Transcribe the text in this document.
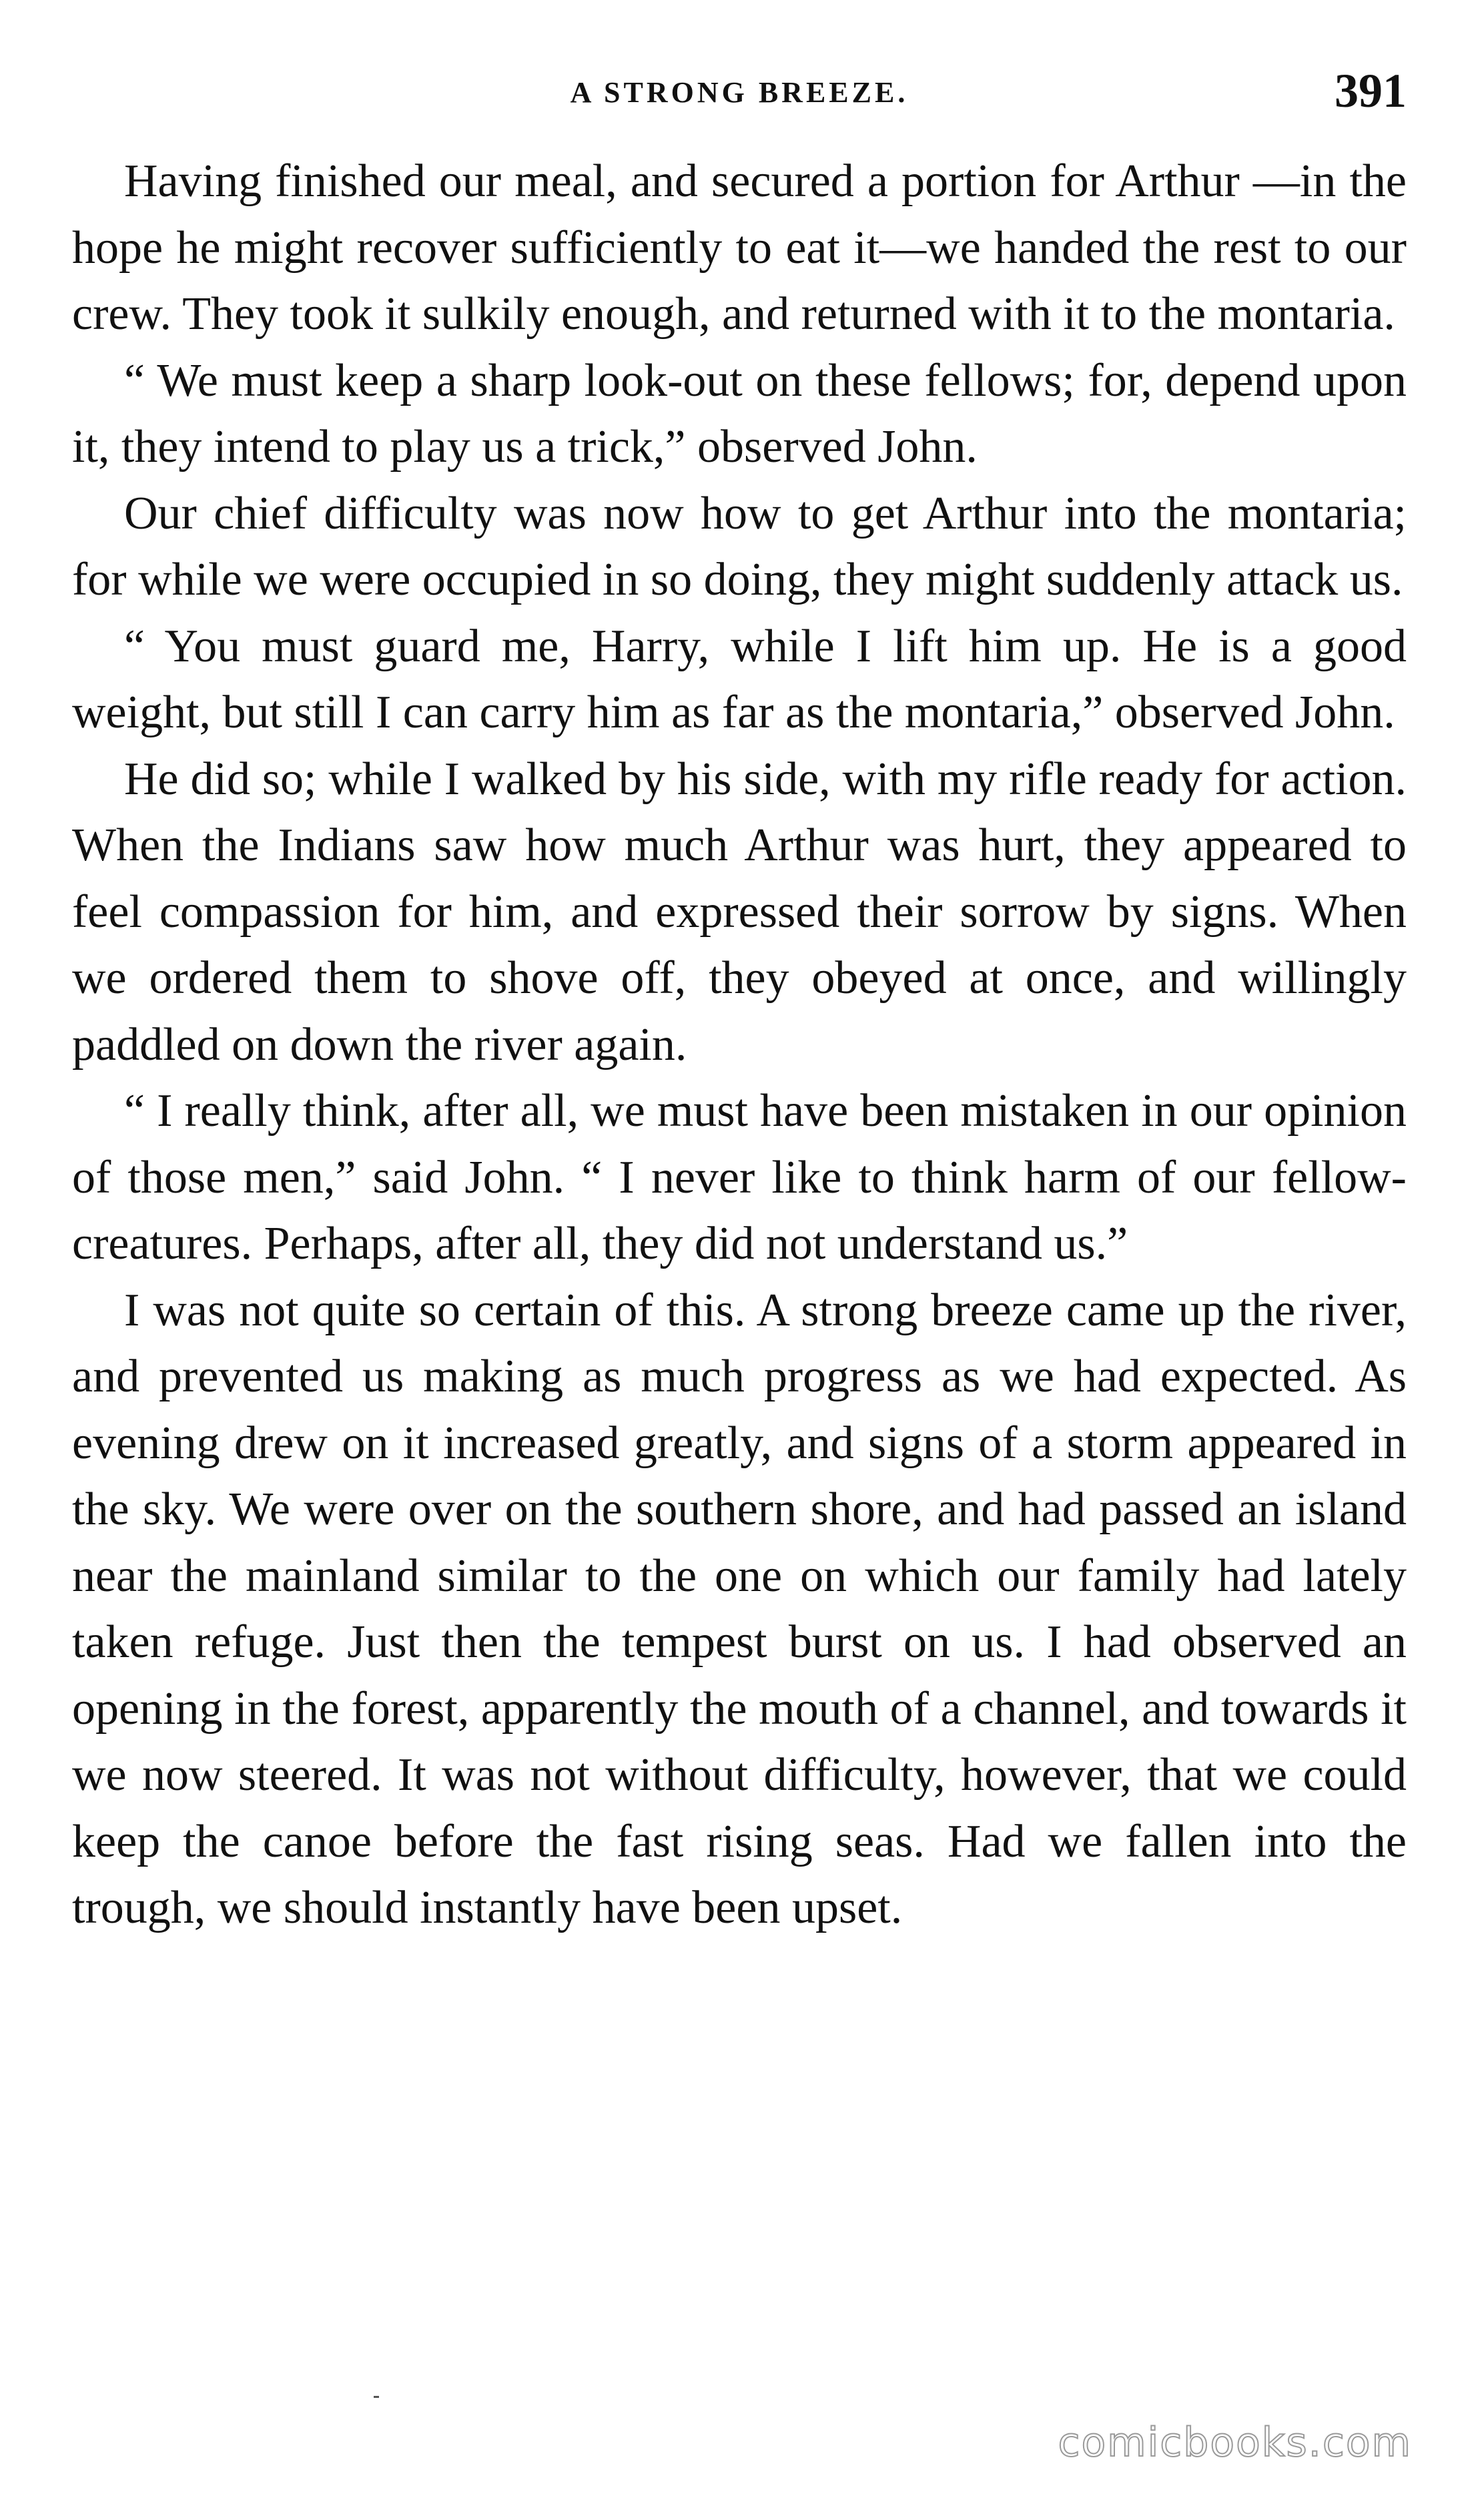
A STRONG BREEZE.	391

Having finished our meal, and secured a portion for Arthur —in the hope he might recover sufficiently to eat it—we handed the rest to our crew. They took it sulkily enough, and returned with it to the montaria.

“ We must keep a sharp look-out on these fellows; for, depend upon it, they intend to play us a trick,” observed John.

Our chief difficulty was now how to get Arthur into the montaria; for while we were occupied in so doing, they might suddenly attack us.

“ You must guard me, Harry, while I lift him up. He is a good weight, but still I can carry him as far as the montaria,” observed John.

He did so; while I walked by his side, with my rifle ready for action. When the Indians saw how much Arthur was hurt, they appeared to feel compassion for him, and expressed their sorrow by signs. When we ordered them to shove off, they obeyed at once, and willingly paddled on down the river again.

“ I really think, after all, we must have been mistaken in our opinion of those men,” said John. “ I never like to think harm of our fellow-creatures. Perhaps, after all, they did not understand us.”

I was not quite so certain of this. A strong breeze came up the river, and prevented us making as much progress as we had expected. As evening drew on it increased greatly, and signs of a storm appeared in the sky. We were over on the southern shore, and had passed an island near the mainland similar to the one on which our family had lately taken refuge. Just then the tempest burst on us. I had observed an opening in the forest, apparently the mouth of a channel, and towards it we now steered. It was not without difficulty, however, that we could keep the canoe before the fast rising seas. Had we fallen into the trough, we should instantly have been upset.

comicbooks.com
